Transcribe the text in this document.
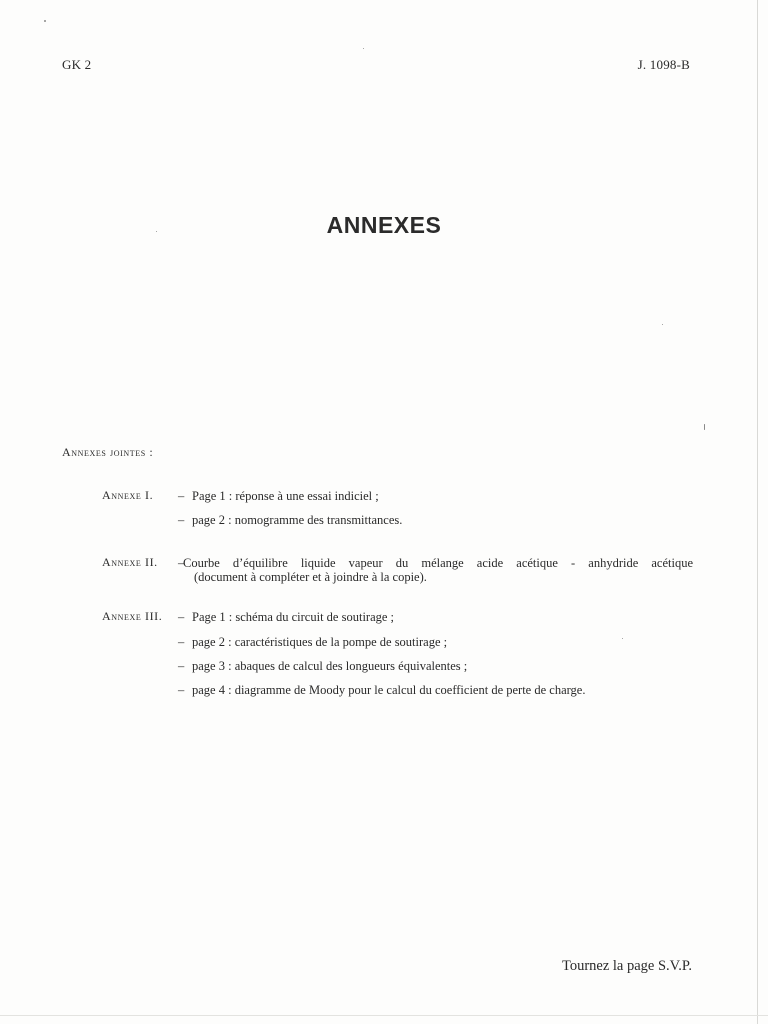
GK 2	J. 1098-B
ANNEXES
Annexes jointes :
Annexe I. – Page 1 : réponse à une essai indiciel ;
– page 2 : nomogramme des transmittances.
Annexe II. –
Courbe d’équilibre liquide vapeur du mélange acide acétique - anhydride acétique
(document à compléter et à joindre à la copie).
Annexe III. – Page 1 : schéma du circuit de soutirage ;
– page 2 : caractéristiques de la pompe de soutirage ;
– page 3 : abaques de calcul des longueurs équivalentes ;
– page 4 : diagramme de Moody pour le calcul du coefficient de perte de charge.
Tournez la page S.V.P.
